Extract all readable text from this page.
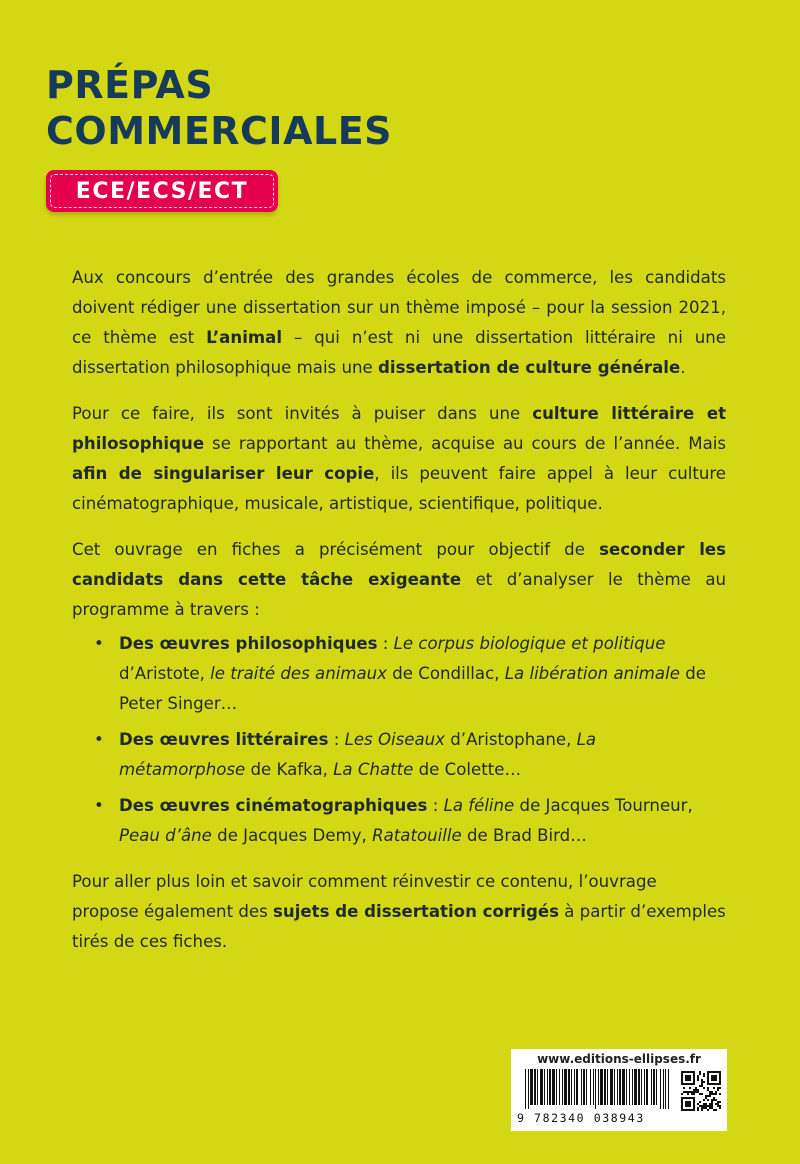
PRÉPAS
COMMERCIALES
ECE/ECS/ECT

Aux concours d’entrée des grandes écoles de commerce, les candidats doivent rédiger une dissertation sur un thème imposé – pour la session 2021, ce thème est L’animal – qui n’est ni une dissertation littéraire ni une dissertation philosophique mais une dissertation de culture générale.

Pour ce faire, ils sont invités à puiser dans une culture littéraire et philosophique se rapportant au thème, acquise au cours de l’année. Mais afin de singulariser leur copie, ils peuvent faire appel à leur culture cinématographique, musicale, artistique, scientifique, politique.

Cet ouvrage en fiches a précisément pour objectif de seconder les candidats dans cette tâche exigeante et d’analyser le thème au programme à travers :

• Des œuvres philosophiques : Le corpus biologique et politique d’Aristote, le traité des animaux de Condillac, La libération animale de Peter Singer…
• Des œuvres littéraires : Les Oiseaux d’Aristophane, La métamorphose de Kafka, La Chatte de Colette…
• Des œuvres cinématographiques : La féline de Jacques Tourneur, Peau d’âne de Jacques Demy, Ratatouille de Brad Bird…

Pour aller plus loin et savoir comment réinvestir ce contenu, l’ouvrage propose également des sujets de dissertation corrigés à partir d’exemples tirés de ces fiches.

www.editions-ellipses.fr
9 782340 038943
